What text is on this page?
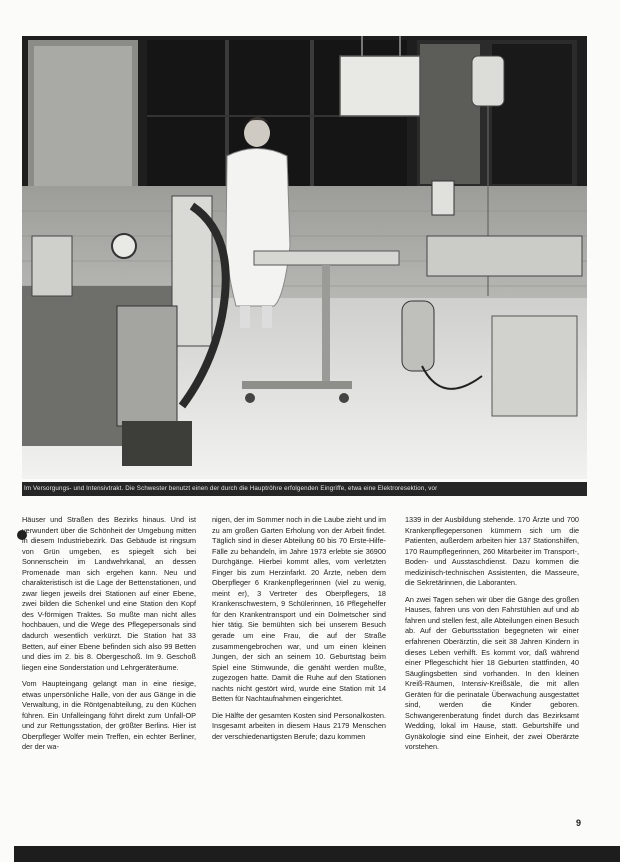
Im Versorgungs- und Intensivtrakt. Die Schwester benutzt einen der durch die Hauptröhre erfolgenden Eingriffe, etwa eine Elektroresektion, vor

Häuser und Straßen des Bezirks hinaus. Und ist verwundert über die Schönheit der Umgebung mitten in diesem Industriebezirk. Das Gebäude ist ringsum von Grün umgeben, es spiegelt sich bei Sonnenschein im Landwehrkanal, an dessen Promenade man sich ergehen kann. Neu und charakteristisch ist die Lage der Bettenstationen, und zwar liegen jeweils drei Stationen auf einer Ebene, zwei bilden die Schenkel und eine Station den Kopf des V-förmigen Traktes. So mußte man nicht alles hochbauen, und die Wege des Pflegepersonals sind dadurch wesentlich verkürzt. Die Station hat 33 Betten, auf einer Ebene befinden sich also 99 Betten und dies im 2. bis 8. Obergeschoß. Im 9. Geschoß liegen eine Sonderstation und Lehrgeräteräume.

Vom Haupteingang gelangt man in eine riesige, etwas unpersönliche Halle, von der aus Gänge in die Verwaltung, in die Röntgenabteilung, zu den Küchen führen. Ein Unfalleingang führt direkt zum Unfall-OP und zur Rettungsstation, der größter Berlins. Hier ist Oberpfleger Wolfer mein Treffen, ein echter Berliner, der der wa-

nigen, der im Sommer noch in die Laube zieht und im zu am großen Garten Erholung von der Arbeit findet. Täglich sind in dieser Abteilung 60 bis 70 Erste-Hilfe-Fälle zu behandeln, im Jahre 1973 erlebte sie 36900 Durchgänge. Hierbei kommt alles, vom verletzten Finger bis zum Herzinfarkt. 20 Ärzte, neben dem Oberpfleger 6 Krankenpflegerinnen (viel zu wenig, meint er), 3 Vertreter des Oberpflegers, 18 Krankenschwestern, 9 Schülerinnen, 16 Pflegehelfer für den Krankentransport und ein Dolmetscher sind hier tätig. Sie bemühten sich bei unserem Besuch gerade um eine Frau, die auf der Straße zusammengebrochen war, und um einen kleinen Jungen, der sich an seinem 10. Geburtstag beim Spiel eine Stirnwunde, die genäht werden mußte, zugezogen hatte. Damit die Ruhe auf den Stationen nachts nicht gestört wird, wurde eine Station mit 14 Betten für Nachtaufnahmen eingerichtet.

Die Hälfte der gesamten Kosten sind Personalkosten. Insgesamt arbeiten in diesem Haus 2179 Menschen der verschiedenartigsten Berufe; dazu kommen

1339 in der Ausbildung stehende. 170 Ärzte und 700 Krankenpflegepersonen kümmern sich um die Patienten, außerdem arbeiten hier 137 Stationshilfen, 170 Raumpflegerinnen, 260 Mitarbeiter im Transport-, Boden- und Ausstaschdienst. Dazu kommen die medizinisch-technischen Assistenten, die Masseure, die Sekretärinnen, die Laboranten.

An zwei Tagen sehen wir über die Gänge des großen Hauses, fahren uns von den Fahrstühlen auf und ab fahren und stellen fest, alle Abteilungen einen Besuch ab. Auf der Geburtsstation begegneten wir einer erfahrenen Oberärztin, die seit 38 Jahren Kindern in dieses Leben verhilft. Es kommt vor, daß während einer Pflegeschicht hier 18 Geburten stattfinden, 40 Säuglingsbetten sind vorhanden. In den kleinen Kreiß-Räumen, Intensiv-Kreißsäle, die mit allen Geräten für die perinatale Überwachung ausgestattet sind, werden die Kinder geboren. Schwangerenberatung findet durch das Bezirksamt Wedding, lokal im Hause, statt. Geburtshilfe und Gynäkologie sind eine Einheit, der zwei Oberärzte vorstehen.

9
